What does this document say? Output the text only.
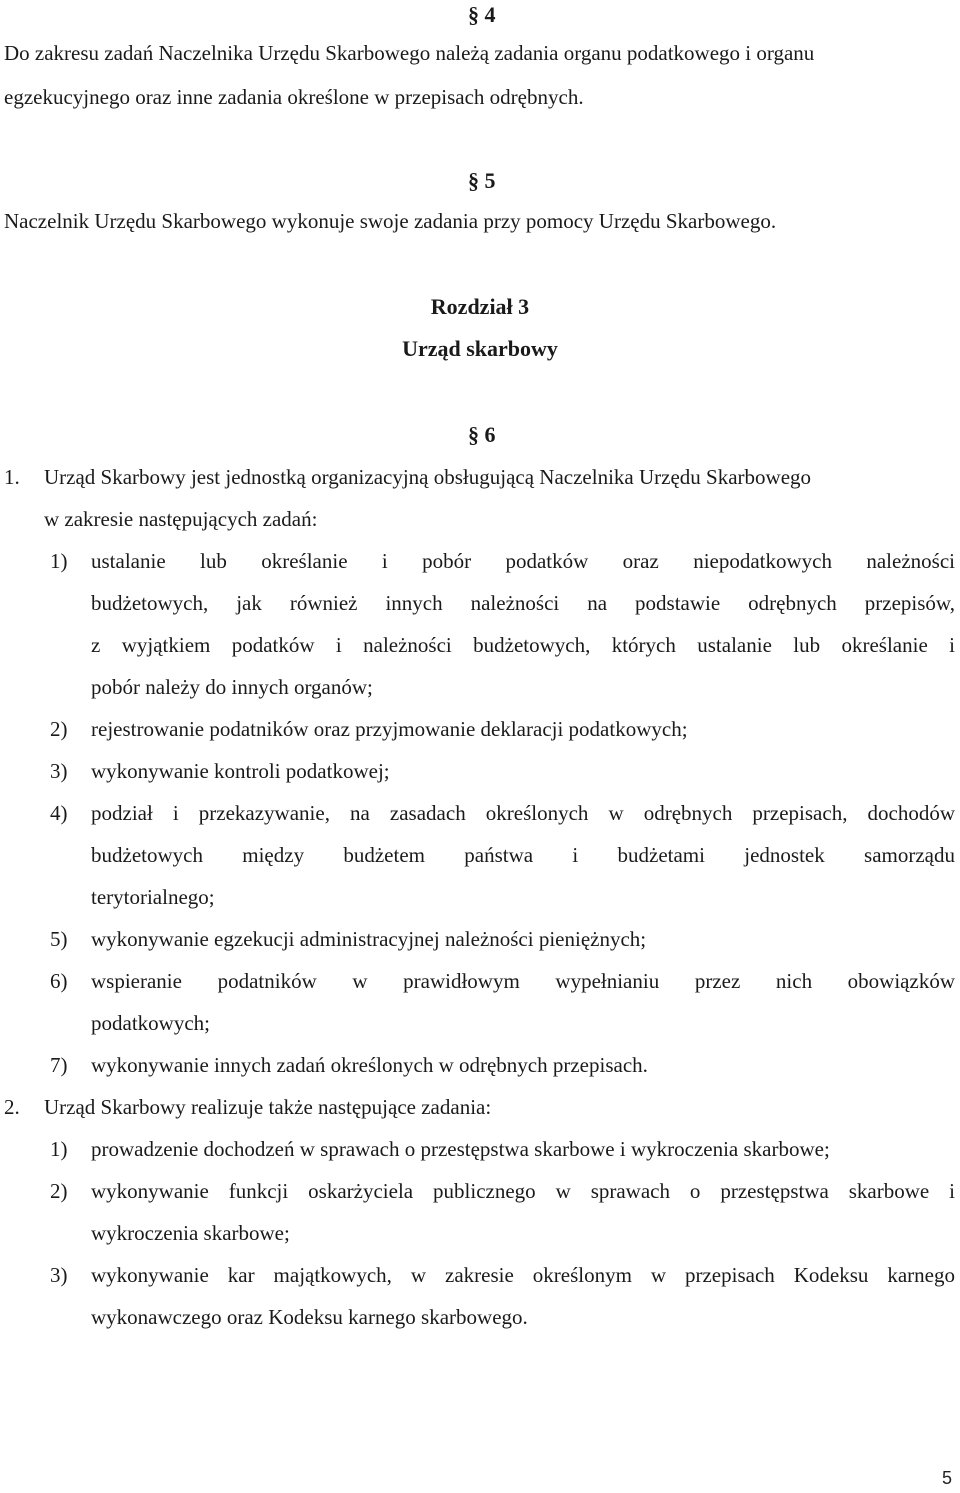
§ 4
Do zakresu zadań Naczelnika Urzędu Skarbowego należą zadania organu podatkowego i organu
egzekucyjnego oraz inne zadania określone w przepisach odrębnych.
§ 5
Naczelnik Urzędu Skarbowego wykonuje swoje zadania przy pomocy Urzędu Skarbowego.
Rozdział 3
Urząd skarbowy
§ 6
1. Urząd Skarbowy jest jednostką organizacyjną obsługującą Naczelnika Urzędu Skarbowego
w zakresie następujących zadań:
1) ustalanie lub określanie i pobór podatków oraz niepodatkowych należności
budżetowych, jak również innych należności na podstawie odrębnych przepisów,
z wyjątkiem podatków i należności budżetowych, których ustalanie lub określanie i
pobór należy do innych organów;
2) rejestrowanie podatników oraz przyjmowanie deklaracji podatkowych;
3) wykonywanie kontroli podatkowej;
4) podział i przekazywanie, na zasadach określonych w odrębnych przepisach, dochodów
budżetowych między budżetem państwa i budżetami jednostek samorządu
terytorialnego;
5) wykonywanie egzekucji administracyjnej należności pieniężnych;
6) wspieranie podatników w prawidłowym wypełnianiu przez nich obowiązków
podatkowych;
7) wykonywanie innych zadań określonych w odrębnych przepisach.
2. Urząd Skarbowy realizuje także następujące zadania:
1) prowadzenie dochodzeń w sprawach o przestępstwa skarbowe i wykroczenia skarbowe;
2) wykonywanie funkcji oskarżyciela publicznego w sprawach o przestępstwa skarbowe i
wykroczenia skarbowe;
3) wykonywanie kar majątkowych, w zakresie określonym w przepisach Kodeksu karnego
wykonawczego oraz Kodeksu karnego skarbowego.
5
